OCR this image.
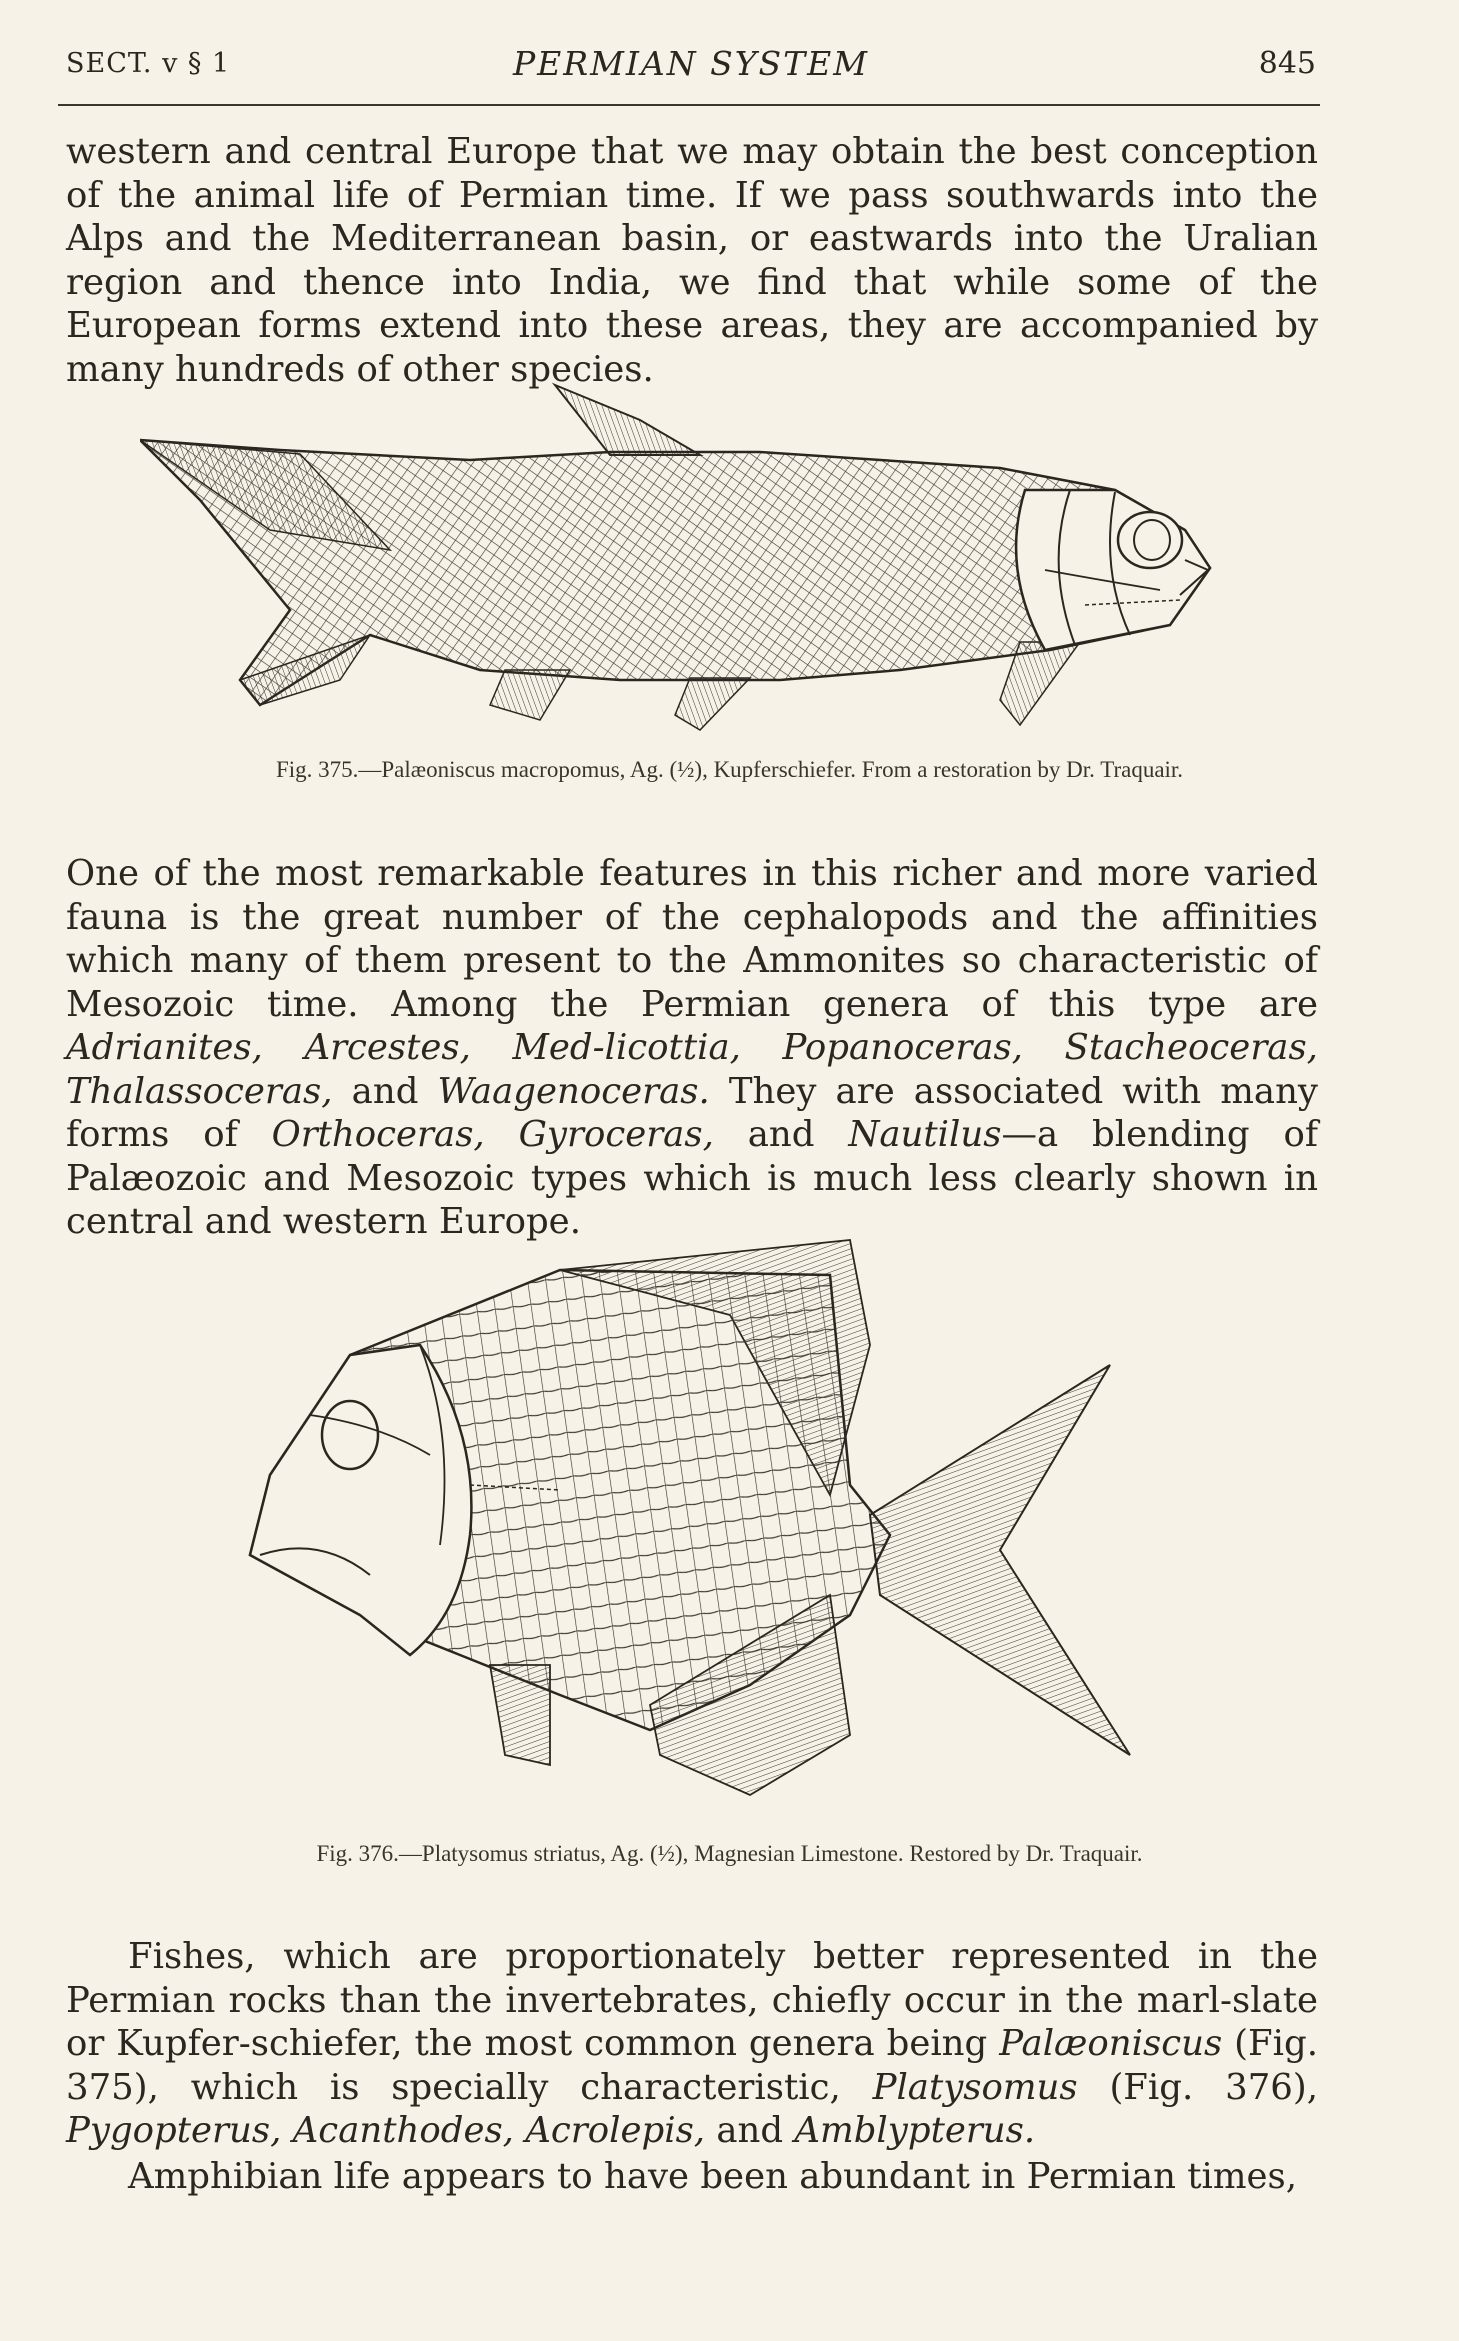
SECT. v § 1	PERMIAN SYSTEM	845

western and central Europe that we may obtain the best conception of the animal life of Permian time. If we pass southwards into the Alps and the Mediterranean basin, or eastwards into the Uralian region and thence into India, we find that while some of the European forms extend into these areas, they are accompanied by many hundreds of other species.

Fig. 375.—Palæoniscus macropomus, Ag. (½), Kupferschiefer. From a restoration by Dr. Traquair.

One of the most remarkable features in this richer and more varied fauna is the great number of the cephalopods and the affinities which many of them present to the Ammonites so characteristic of Mesozoic time. Among the Permian genera of this type are Adrianites, Arcestes, Med-licottia, Popanoceras, Stacheoceras, Thalassoceras, and Waagenoceras. They are associated with many forms of Orthoceras, Gyroceras, and Nautilus—a blending of Palæozoic and Mesozoic types which is much less clearly shown in central and western Europe.

Fig. 376.—Platysomus striatus, Ag. (½), Magnesian Limestone. Restored by Dr. Traquair.

Fishes, which are proportionately better represented in the Permian rocks than the invertebrates, chiefly occur in the marl-slate or Kupfer-schiefer, the most common genera being Palæoniscus (Fig. 375), which is specially characteristic, Platysomus (Fig. 376), Pygopterus, Acanthodes, Acrolepis, and Amblypterus.

Amphibian life appears to have been abundant in Permian times,
